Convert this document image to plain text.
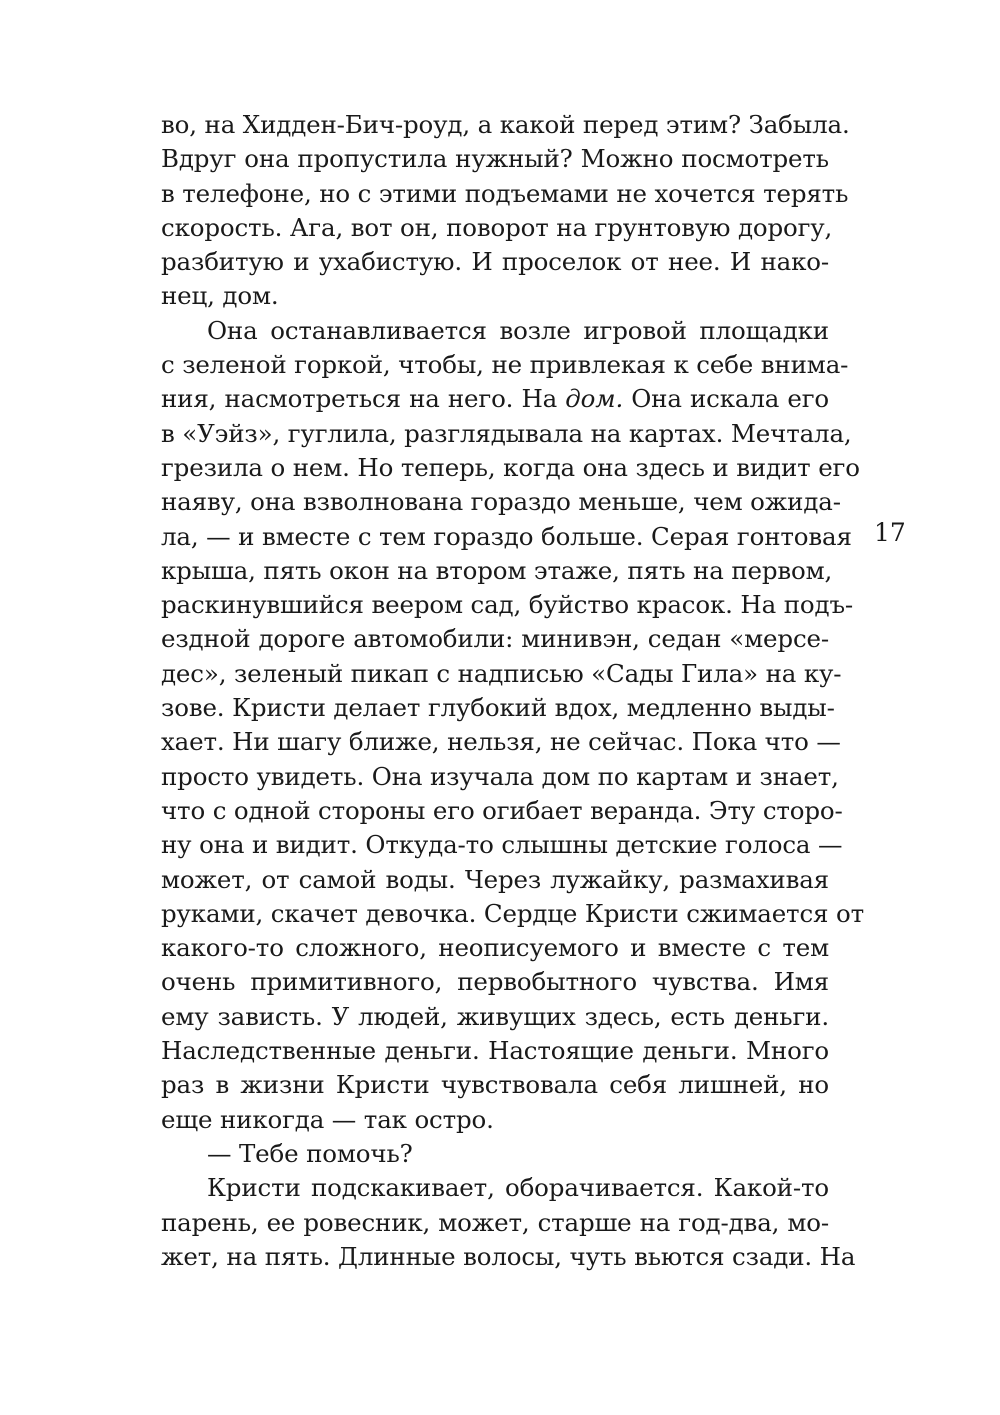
во, на Хидден-Бич-роуд, а какой перед этим? Забыла.
Вдруг она пропустила нужный? Можно посмотреть
в телефоне, но с этими подъемами не хочется терять
скорость. Ага, вот он, поворот на грунтовую дорогу,
разбитую и ухабистую. И проселок от нее. И нако-
нец, дом.
Она останавливается возле игровой площадки
с зеленой горкой, чтобы, не привлекая к себе внима-
ния, насмотреться на него. На дом. Она искала его
в «Уэйз», гуглила, разглядывала на картах. Мечтала,
грезила о нем. Но теперь, когда она здесь и видит его
наяву, она взволнована гораздо меньше, чем ожида-
ла, — и вместе с тем гораздо больше. Серая гонтовая
крыша, пять окон на втором этаже, пять на первом,
раскинувшийся веером сад, буйство красок. На подъ-
ездной дороге автомобили: минивэн, седан «мерсе-
дес», зеленый пикап с надписью «Сады Гила» на ку-
зове. Кристи делает глубокий вдох, медленно выды-
хает. Ни шагу ближе, нельзя, не сейчас. Пока что —
просто увидеть. Она изучала дом по картам и знает,
что с одной стороны его огибает веранда. Эту сторо-
ну она и видит. Откуда-то слышны детские голоса —
может, от самой воды. Через лужайку, размахивая
руками, скачет девочка. Сердце Кристи сжимается от
какого-то сложного, неописуемого и вместе с тем
очень примитивного, первобытного чувства. Имя
ему зависть. У людей, живущих здесь, есть деньги.
Наследственные деньги. Настоящие деньги. Много
раз в жизни Кристи чувствовала себя лишней, но
еще никогда — так остро.
— Тебе помочь?
Кристи подскакивает, оборачивается. Какой-то
парень, ее ровесник, может, старше на год-два, мо-
жет, на пять. Длинные волосы, чуть вьются сзади. На
17
